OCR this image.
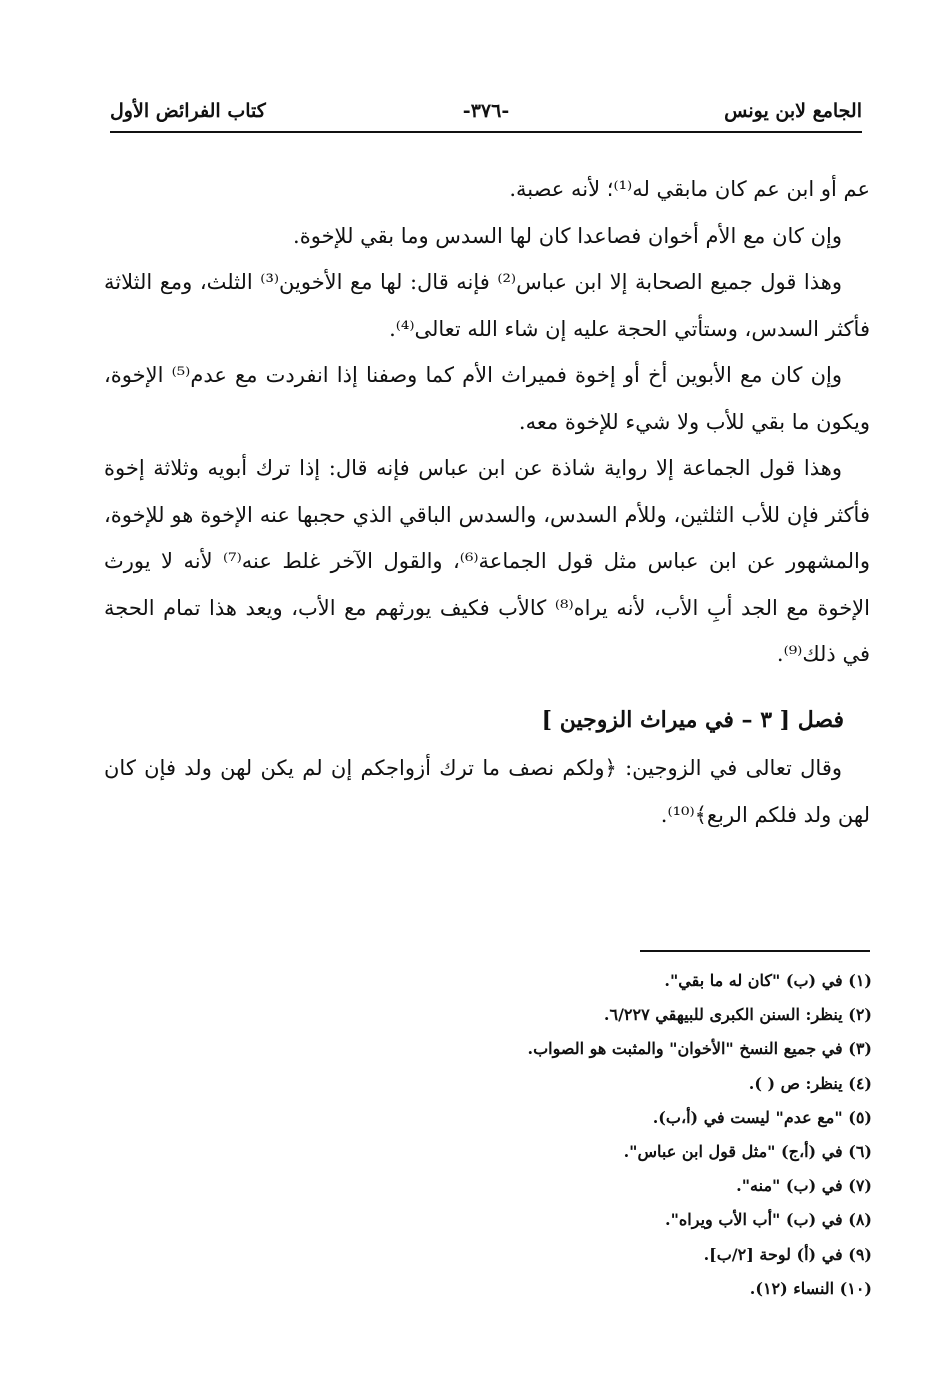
الجامع لابن يونس
-٣٧٦-
كتاب الفرائض الأول

عم أو ابن عم كان مابقي له⁽¹⁾؛ لأنه عصبة.

وإن كان مع الأم أخوان فصاعدا كان لها السدس وما بقي للإخوة.

وهذا قول جميع الصحابة إلا ابن عباس⁽²⁾ فإنه قال: لها مع الأخوين⁽³⁾ الثلث، ومع الثلاثة فأكثر السدس، وستأتي الحجة عليه إن شاء الله تعالى⁽⁴⁾.

وإن كان مع الأبوين أخ أو إخوة فميراث الأم كما وصفنا إذا انفردت مع عدم⁽⁵⁾ الإخوة، ويكون ما بقي للأب ولا شيء للإخوة معه.

وهذا قول الجماعة إلا رواية شاذة عن ابن عباس فإنه قال: إذا ترك أبويه وثلاثة إخوة فأكثر فإن للأب الثلثين، وللأم السدس، والسدس الباقي الذي حجبها عنه الإخوة هو للإخوة، والمشهور عن ابن عباس مثل قول الجماعة⁽⁶⁾، والقول الآخر غلط عنه⁽⁷⁾ لأنه لا يورث الإخوة مع الجد أبِ الأب، لأنه يراه⁽⁸⁾ كالأب فكيف يورثهم مع الأب، ويعد هذا تمام الحجة في ذلك⁽⁹⁾.

فصل [ ٣ – في ميراث الزوجين ]

وقال تعالى في الزوجين: ﴿ولكم نصف ما ترك أزواجكم إن لم يكن لهن ولد فإن كان لهن ولد فلكم الربع﴾⁽¹⁰⁾.

(١) في (ب) "كان له ما بقي".
(٢) ينظر: السنن الكبرى للبيهقي ٦/٢٢٧.
(٣) في جميع النسخ "الأخوان" والمثبت هو الصواب.
(٤) ينظر: ص ( ).
(٥) "مع عدم" ليست في (أ،ب).
(٦) في (أ،ج) "مثل قول ابن عباس".
(٧) في (ب) "منه".
(٨) في (ب) "أب الأب ويراه".
(٩) في (أ) لوحة [٢/ب].
(١٠) النساء (١٢).
